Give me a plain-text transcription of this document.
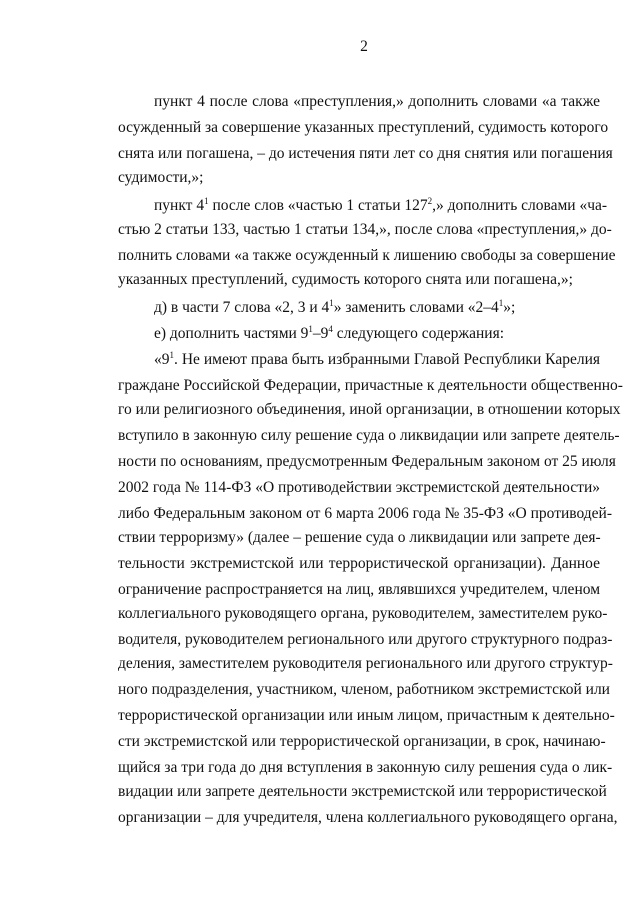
2
пункт 4 после слова «преступления,» дополнить словами «а также
осужденный за совершение указанных преступлений, судимость которого
снята или погашена, – до истечения пяти лет со дня снятия или погашения
судимости,»;
пункт $4^1$ после слов «частью 1 статьи $127^2$,» дополнить словами «ча-
стью 2 статьи 133, частью 1 статьи 134,», после слова «преступления,» до-
полнить словами «а также осужденный к лишению свободы за совершение
указанных преступлений, судимость которого снята или погашена,»;
д) в части 7 слова «2, 3 и $4^1$» заменить словами «$2-4^1$»;
е) дополнить частями $9^1-9^4$ следующего содержания:
«$9^1$. Не имеют права быть избранными Главой Республики Карелия
граждане Российской Федерации, причастные к деятельности общественно-
го или религиозного объединения, иной организации, в отношении которых
вступило в законную силу решение суда о ликвидации или запрете деятель-
ности по основаниям, предусмотренным Федеральным законом от 25 июля
2002 года № 114-ФЗ «О противодействии экстремистской деятельности»
либо Федеральным законом от 6 марта 2006 года № 35-ФЗ «О противодей-
ствии терроризму» (далее – решение суда о ликвидации или запрете дея-
тельности экстремистской или террористической организации). Данное
ограничение распространяется на лиц, являвшихся учредителем, членом
коллегиального руководящего органа, руководителем, заместителем руко-
водителя, руководителем регионального или другого структурного подраз-
деления, заместителем руководителя регионального или другого структур-
ного подразделения, участником, членом, работником экстремистской или
террористической организации или иным лицом, причастным к деятельно-
сти экстремистской или террористической организации, в срок, начинаю-
щийся за три года до дня вступления в законную силу решения суда о лик-
видации или запрете деятельности экстремистской или террористической
организации – для учредителя, члена коллегиального руководящего органа,
